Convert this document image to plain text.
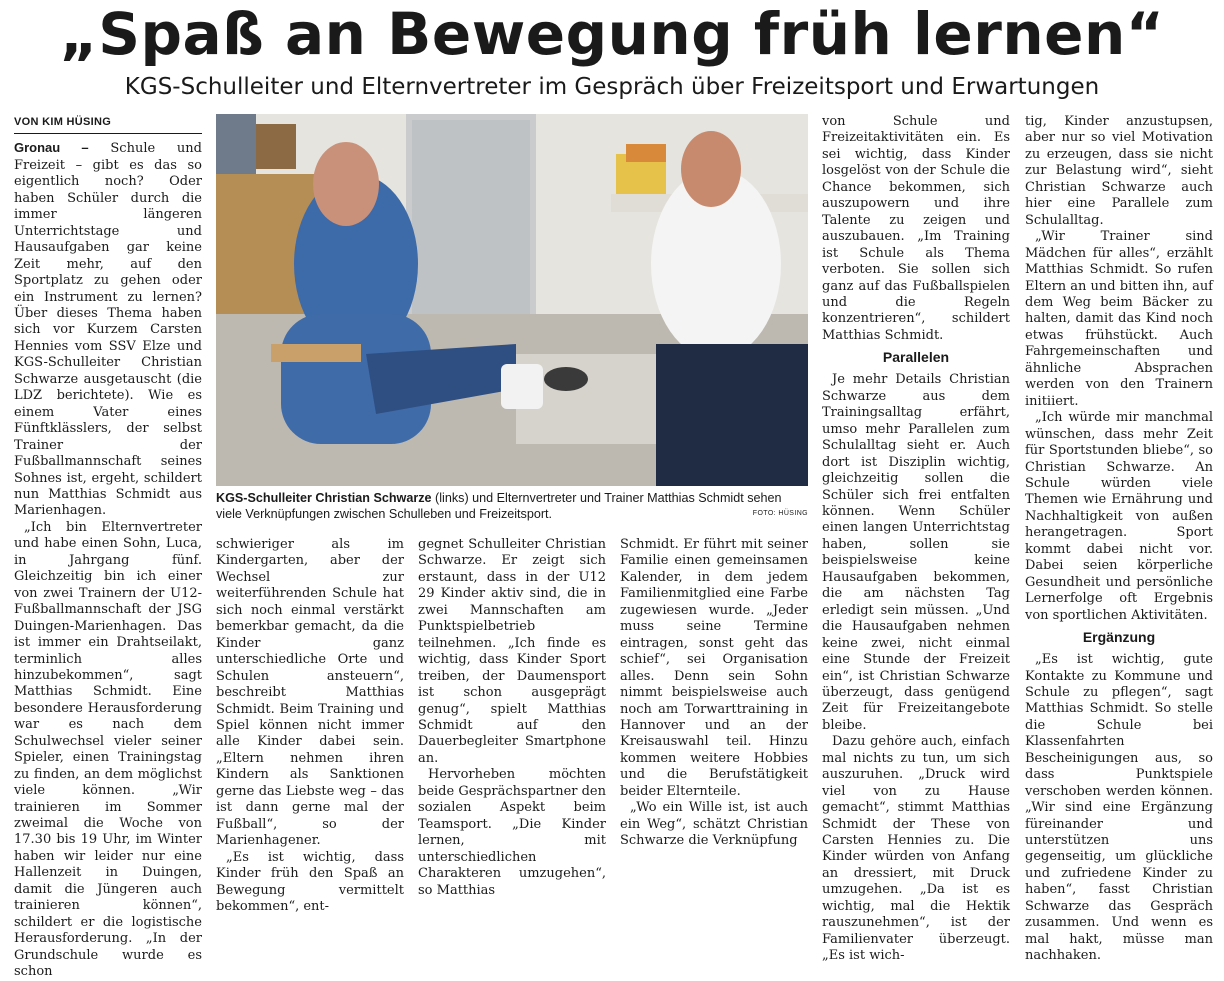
„Spaß an Bewegung früh lernen“
KGS-Schulleiter und Elternvertreter im Gespräch über Freizeitsport und Erwartungen
VON KIM HÜSING

Gronau – Schule und Freizeit – gibt es das so eigentlich noch? Oder haben Schüler durch die immer längeren Unterrichtstage und Hausaufgaben gar keine Zeit mehr, auf den Sportplatz zu gehen oder ein Instrument zu lernen? Über dieses Thema haben sich vor Kurzem Carsten Hennies vom SSV Elze und KGS-Schulleiter Christian Schwarze ausgetauscht (die LDZ berichtete). Wie es einem Vater eines Fünftklässlers, der selbst Trainer der Fußballmannschaft seines Sohnes ist, ergeht, schildert nun Matthias Schmidt aus Marienhagen.

„Ich bin Elternvertreter und habe einen Sohn, Luca, in Jahrgang fünf. Gleichzeitig bin ich einer von zwei Trainern der U12-Fußballmannschaft der JSG Duingen-Marienhagen. Das ist immer ein Drahtseilakt, terminlich alles hinzubekommen“, sagt Matthias Schmidt. Eine besondere Herausforderung war es nach dem Schulwechsel vieler seiner Spieler, einen Trainingstag zu finden, an dem möglichst viele können. „Wir trainieren im Sommer zweimal die Woche von 17.30 bis 19 Uhr, im Winter haben wir leider nur eine Hallenzeit in Duingen, damit die Jüngeren auch trainieren können“, schildert er die logistische Herausforderung. „In der Grundschule wurde es schon

KGS-Schulleiter Christian Schwarze (links) und Elternvertreter und Trainer Matthias Schmidt sehen viele Verknüpfungen zwischen Schulleben und Freizeitsport.	FOTO: HÜSING

schwieriger als im Kindergarten, aber der Wechsel zur weiterführenden Schule hat sich noch einmal verstärkt bemerkbar gemacht, da die Kinder ganz unterschiedliche Orte und Schulen ansteuern“, beschreibt Matthias Schmidt. Beim Training und Spiel können nicht immer alle Kinder dabei sein. „Eltern nehmen ihren Kindern als Sanktionen gerne das Liebste weg – das ist dann gerne mal der Fußball“, so der Marienhagener.

„Es ist wichtig, dass Kinder früh den Spaß an Bewegung vermittelt bekommen“, ent-

gegnet Schulleiter Christian Schwarze. Er zeigt sich erstaunt, dass in der U12 29 Kinder aktiv sind, die in zwei Mannschaften am Punktspielbetrieb teilnehmen. „Ich finde es wichtig, dass Kinder Sport treiben, der Daumensport ist schon ausgeprägt genug“, spielt Matthias Schmidt auf den Dauerbegleiter Smartphone an.

Hervorheben möchten beide Gesprächspartner den sozialen Aspekt beim Teamsport. „Die Kinder lernen, mit unterschiedlichen Charakteren umzugehen“, so Matthias

Schmidt. Er führt mit seiner Familie einen gemeinsamen Kalender, in dem jedem Familienmitglied eine Farbe zugewiesen wurde. „Jeder muss seine Termine eintragen, sonst geht das schief“, sei Organisation alles. Denn sein Sohn nimmt beispielsweise auch noch am Torwarttraining in Hannover und an der Kreisauswahl teil. Hinzu kommen weitere Hobbies und die Berufstätigkeit beider Elternteile.

„Wo ein Wille ist, ist auch ein Weg“, schätzt Christian Schwarze die Verknüpfung

von Schule und Freizeitaktivitäten ein. Es sei wichtig, dass Kinder losgelöst von der Schule die Chance bekommen, sich auszupowern und ihre Talente zu zeigen und auszubauen. „Im Training ist Schule als Thema verboten. Sie sollen sich ganz auf das Fußballspielen und die Regeln konzentrieren“, schildert Matthias Schmidt.

Parallelen

Je mehr Details Christian Schwarze aus dem Trainingsalltag erfährt, umso mehr Parallelen zum Schulalltag sieht er. Auch dort ist Disziplin wichtig, gleichzeitig sollen die Schüler sich frei entfalten können. Wenn Schüler einen langen Unterrichtstag haben, sollen sie beispielsweise keine Hausaufgaben bekommen, die am nächsten Tag erledigt sein müssen. „Und die Hausaufgaben nehmen keine zwei, nicht einmal eine Stunde der Freizeit ein“, ist Christian Schwarze überzeugt, dass genügend Zeit für Freizeitangebote bleibe.

Dazu gehöre auch, einfach mal nichts zu tun, um sich auszuruhen. „Druck wird viel von zu Hause gemacht“, stimmt Matthias Schmidt der These von Carsten Hennies zu. Die Kinder würden von Anfang an dressiert, mit Druck umzugehen. „Da ist es wichtig, mal die Hektik rauszunehmen“, ist der Familienvater überzeugt. „Es ist wich-

tig, Kinder anzustupsen, aber nur so viel Motivation zu erzeugen, dass sie nicht zur Belastung wird“, sieht Christian Schwarze auch hier eine Parallele zum Schulalltag.

„Wir Trainer sind Mädchen für alles“, erzählt Matthias Schmidt. So rufen Eltern an und bitten ihn, auf dem Weg beim Bäcker zu halten, damit das Kind noch etwas frühstückt. Auch Fahrgemeinschaften und ähnliche Absprachen werden von den Trainern initiiert.

„Ich würde mir manchmal wünschen, dass mehr Zeit für Sportstunden bliebe“, so Christian Schwarze. An Schule würden viele Themen wie Ernährung und Nachhaltigkeit von außen herangetragen. Sport kommt dabei nicht vor. Dabei seien körperliche Gesundheit und persönliche Lernerfolge oft Ergebnis von sportlichen Aktivitäten.

Ergänzung

„Es ist wichtig, gute Kontakte zu Kommune und Schule zu pflegen“, sagt Matthias Schmidt. So stelle die Schule bei Klassenfahrten Bescheinigungen aus, so dass Punktspiele verschoben werden können. „Wir sind eine Ergänzung füreinander und unterstützen uns gegenseitig, um glückliche und zufriedene Kinder zu haben“, fasst Christian Schwarze das Gespräch zusammen. Und wenn es mal hakt, müsse man nachhaken.
